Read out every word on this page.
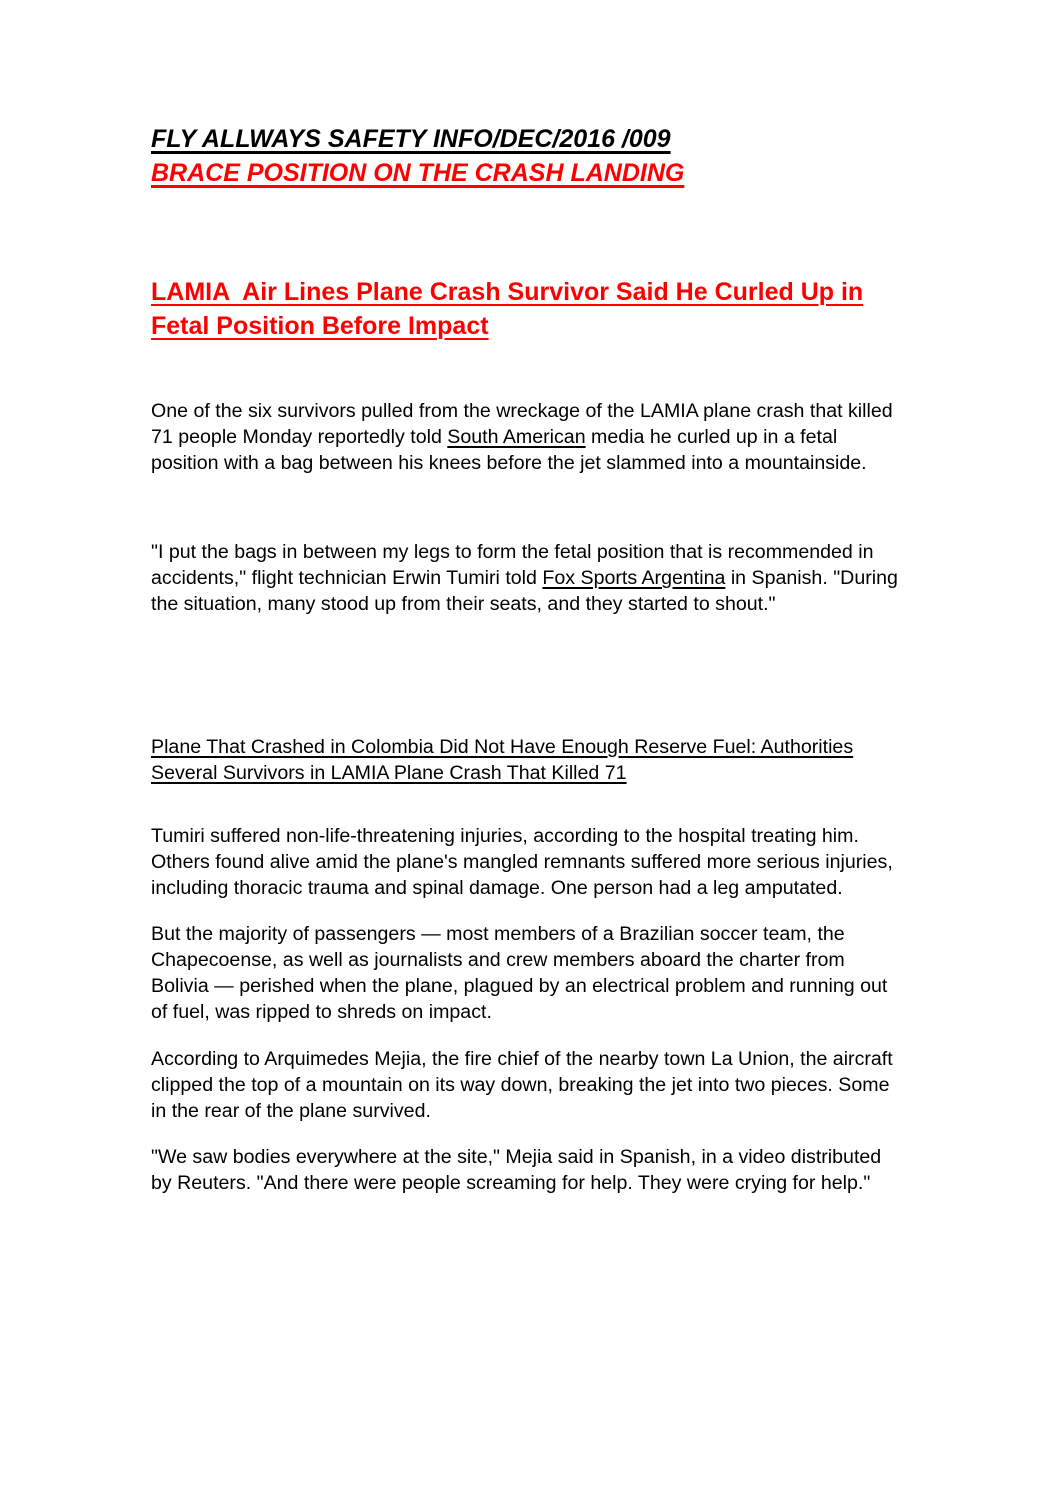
FLY ALLWAYS SAFETY INFO/DEC/2016 /009
BRACE POSITION ON THE CRASH LANDING
LAMIA  Air Lines Plane Crash Survivor Said He Curled Up in
Fetal Position Before Impact

One of the six survivors pulled from the wreckage of the LAMIA plane crash that killed 71 people Monday reportedly told South American media he curled up in a fetal position with a bag between his knees before the jet slammed into a mountainside.

"I put the bags in between my legs to form the fetal position that is recommended in accidents," flight technician Erwin Tumiri told Fox Sports Argentina in Spanish. "During the situation, many stood up from their seats, and they started to shout."

Plane That Crashed in Colombia Did Not Have Enough Reserve Fuel: Authorities
Several Survivors in LAMIA Plane Crash That Killed 71

Tumiri suffered non-life-threatening injuries, according to the hospital treating him. Others found alive amid the plane's mangled remnants suffered more serious injuries, including thoracic trauma and spinal damage. One person had a leg amputated.

But the majority of passengers — most members of a Brazilian soccer team, the Chapecoense, as well as journalists and crew members aboard the charter from Bolivia — perished when the plane, plagued by an electrical problem and running out of fuel, was ripped to shreds on impact.

According to Arquimedes Mejia, the fire chief of the nearby town La Union, the aircraft clipped the top of a mountain on its way down, breaking the jet into two pieces. Some in the rear of the plane survived.

"We saw bodies everywhere at the site," Mejia said in Spanish, in a video distributed by Reuters. "And there were people screaming for help. They were crying for help."
